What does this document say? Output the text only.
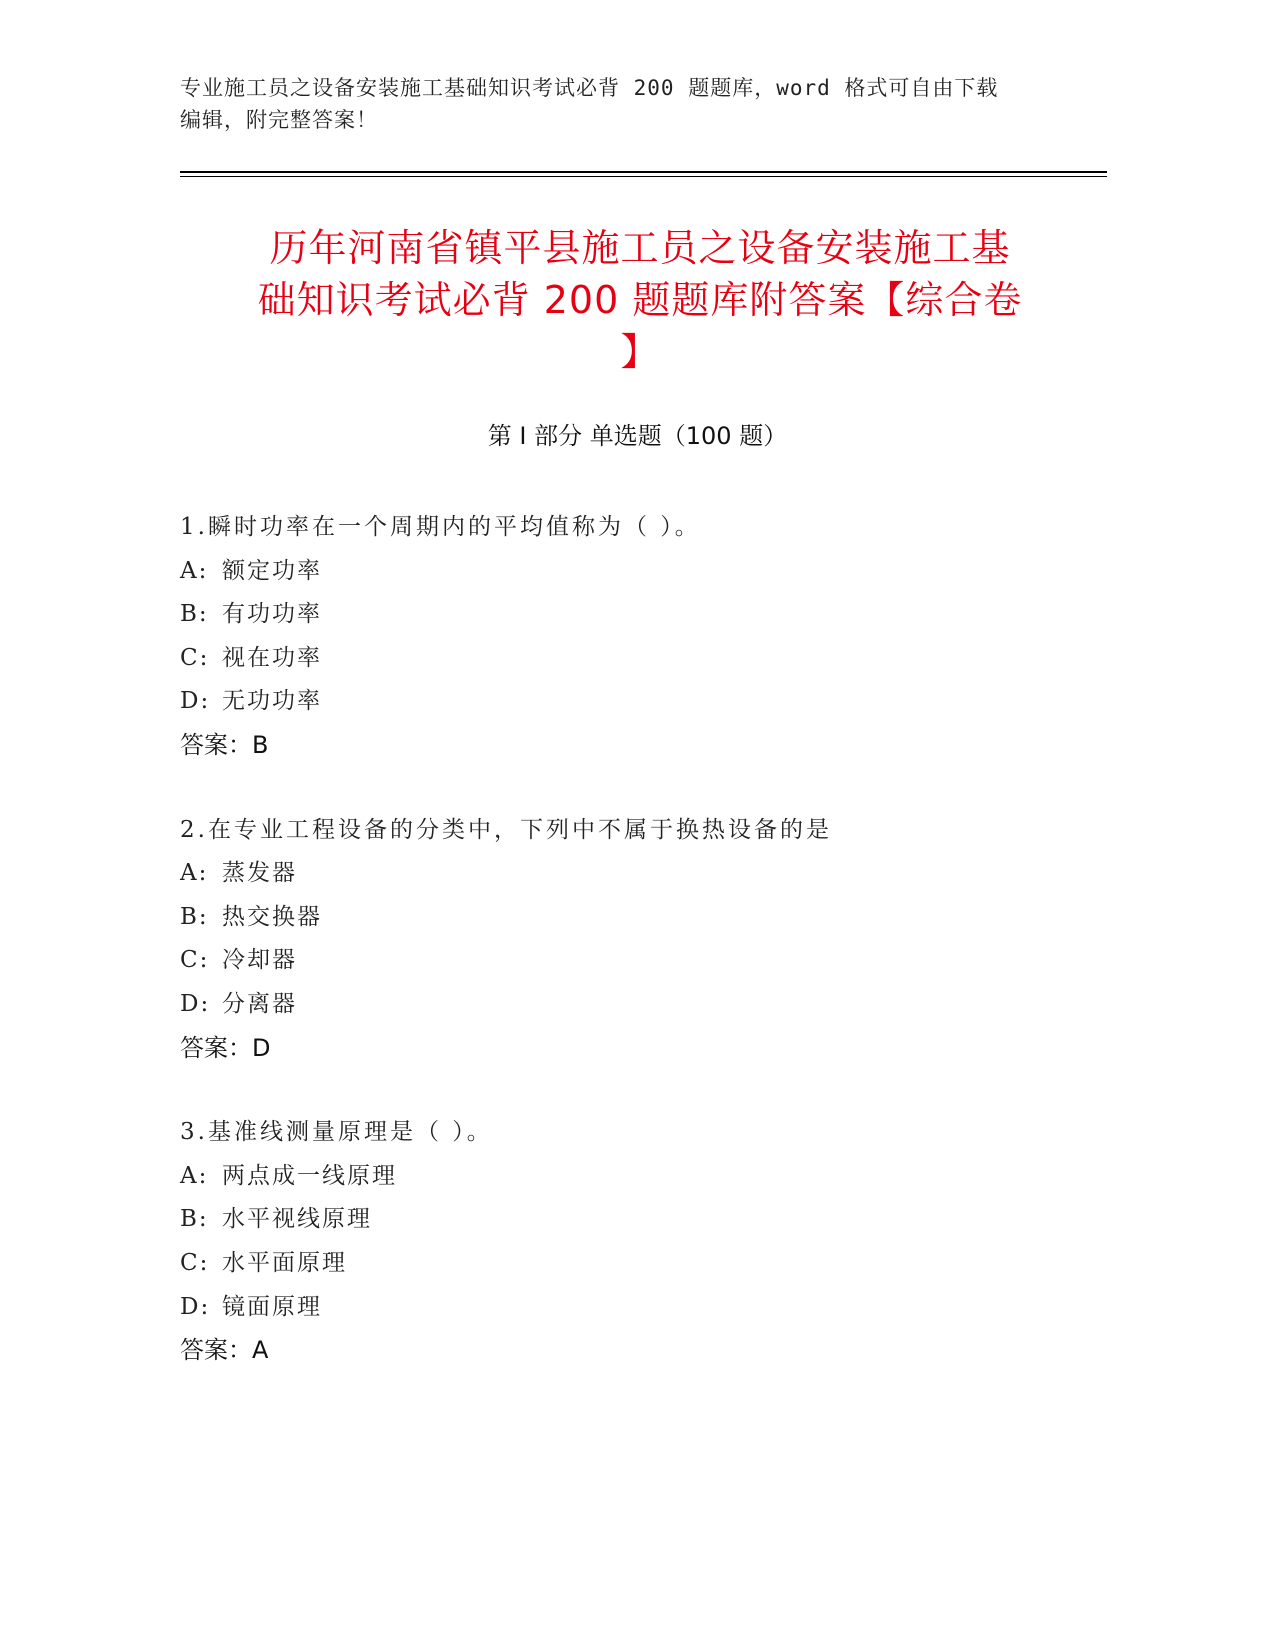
专业施工员之设备安装施工基础知识考试必背 200 题题库，word 格式可自由下载
编辑，附完整答案！
历年河南省镇平县施工员之设备安装施工基
础知识考试必背 200 题题库附答案【综合卷
】
第 I 部分 单选题（100 题）
1.瞬时功率在一个周期内的平均值称为（ ）。
A: 额定功率
B: 有功功率
C: 视在功率
D: 无功功率
答案：B
2.在专业工程设备的分类中，下列中不属于换热设备的是
A: 蒸发器
B: 热交换器
C: 冷却器
D: 分离器
答案：D
3.基准线测量原理是（ ）。
A: 两点成一线原理
B: 水平视线原理
C: 水平面原理
D: 镜面原理
答案：A
